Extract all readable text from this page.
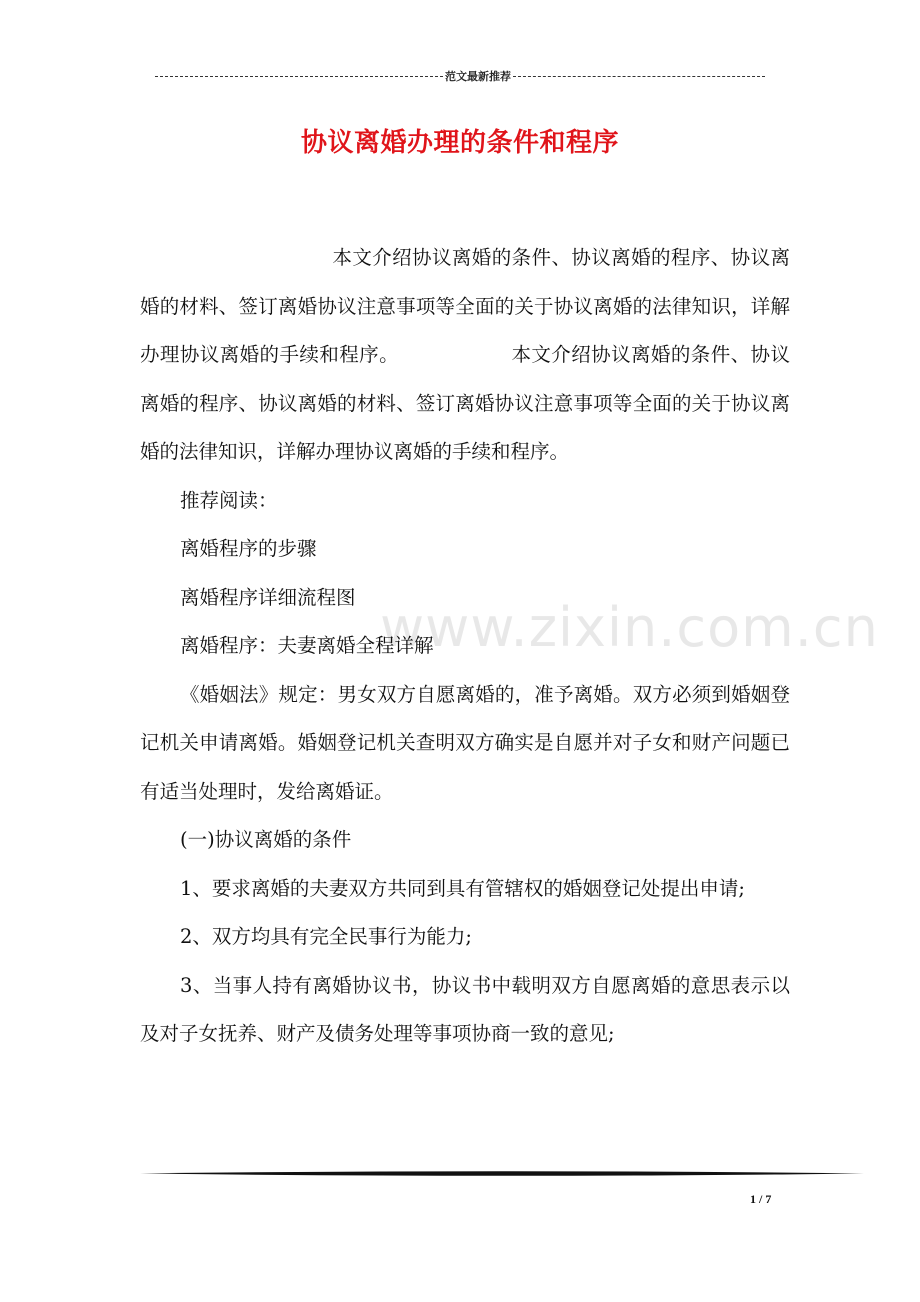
范文最新推荐
协议离婚办理的条件和程序
www.zixin.com.cn

本文介绍协议离婚的条件、协议离婚的程序、协议离婚的材料、签订离婚协议注意事项等全面的关于协议离婚的法律知识，详解办理协议离婚的手续和程序。	本文介绍协议离婚的条件、协议离婚的程序、协议离婚的材料、签订离婚协议注意事项等全面的关于协议离婚的法律知识，详解办理协议离婚的手续和程序。

推荐阅读：

离婚程序的步骤

离婚程序详细流程图

离婚程序：夫妻离婚全程详解

《婚姻法》规定：男女双方自愿离婚的，准予离婚。双方必须到婚姻登记机关申请离婚。婚姻登记机关查明双方确实是自愿并对子女和财产问题已有适当处理时，发给离婚证。

(一)协议离婚的条件

1、要求离婚的夫妻双方共同到具有管辖权的婚姻登记处提出申请;

2、双方均具有完全民事行为能力;

3、当事人持有离婚协议书，协议书中载明双方自愿离婚的意思表示以及对子女抚养、财产及债务处理等事项协商一致的意见;

1 / 7
